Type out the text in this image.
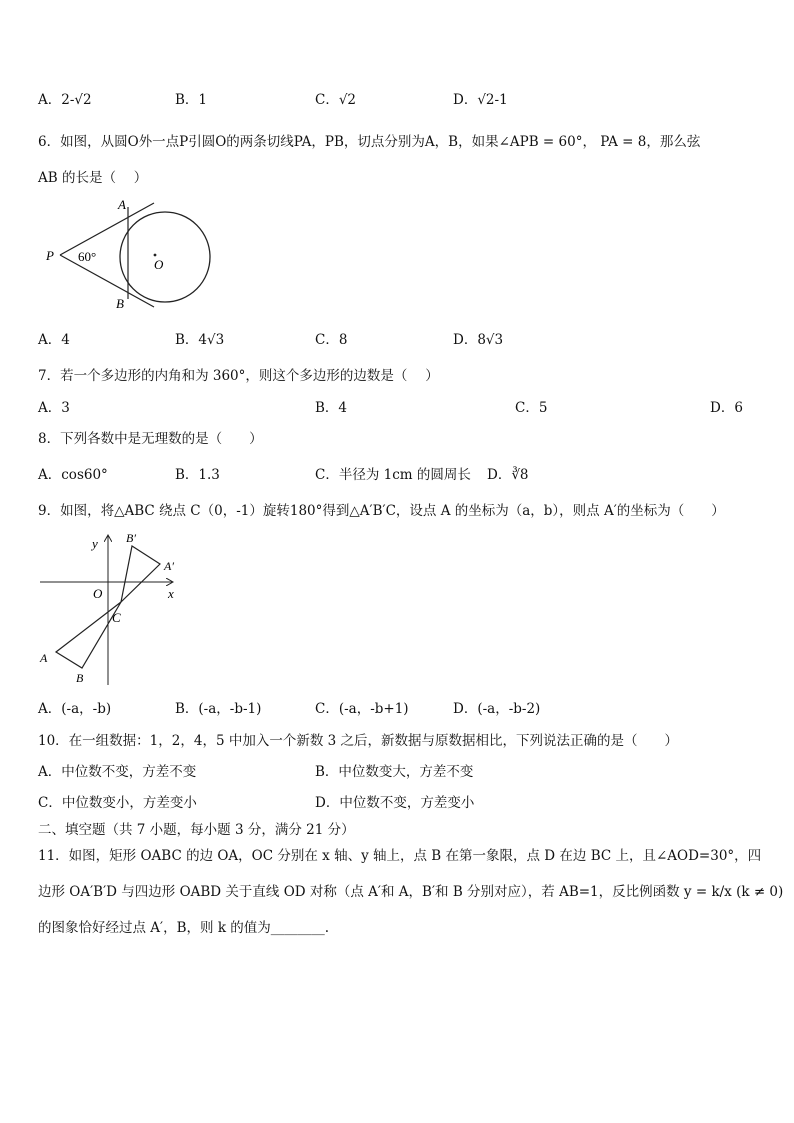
A．2-√2	B．1	C．√2	D．√2-1
6．如图，从圆O外一点P引圆O的两条切线PA，PB，切点分别为A，B，如果∠APB = 60°， PA = 8，那么弦
AB 的长是（　 ）
A
B
P
O
60°
A．4	B．4√3	C．8	D．8√3
7．若一个多边形的内角和为 360°，则这个多边形的边数是（　 ）
A．3	B．4	C．5	D．6
8．下列各数中是无理数的是（　　）
A．cos60°	B．1.3	C．半径为 1cm 的圆周长 D．∛8
9．如图，将△ABC 绕点 C（0，-1）旋转180°得到△A′B′C，设点 A 的坐标为（a，b），则点 A′的坐标为（　　）
y
x
O
C
A
B
A′
B′
A．(-a，-b)	B．(-a，-b-1)	C．(-a，-b+1)	D．(-a，-b-2)
10．在一组数据：1，2，4，5 中加入一个新数 3 之后，新数据与原数据相比，下列说法正确的是（　　）
A．中位数不变，方差不变	B．中位数变大，方差不变
C．中位数变小，方差变小	D．中位数不变，方差变小
二、填空题（共 7 小题，每小题 3 分，满分 21 分）
11．如图，矩形 OABC 的边 OA，OC 分别在 x 轴、y 轴上，点 B 在第一象限，点 D 在边 BC 上，且∠AOD=30°，四
边形 OA′B′D 与四边形 OABD 关于直线 OD 对称（点 A′和 A，B′和 B 分别对应），若 AB=1，反比例函数 y = k/x (k ≠ 0)
的图象恰好经过点 A′，B，则 k 的值为________.
